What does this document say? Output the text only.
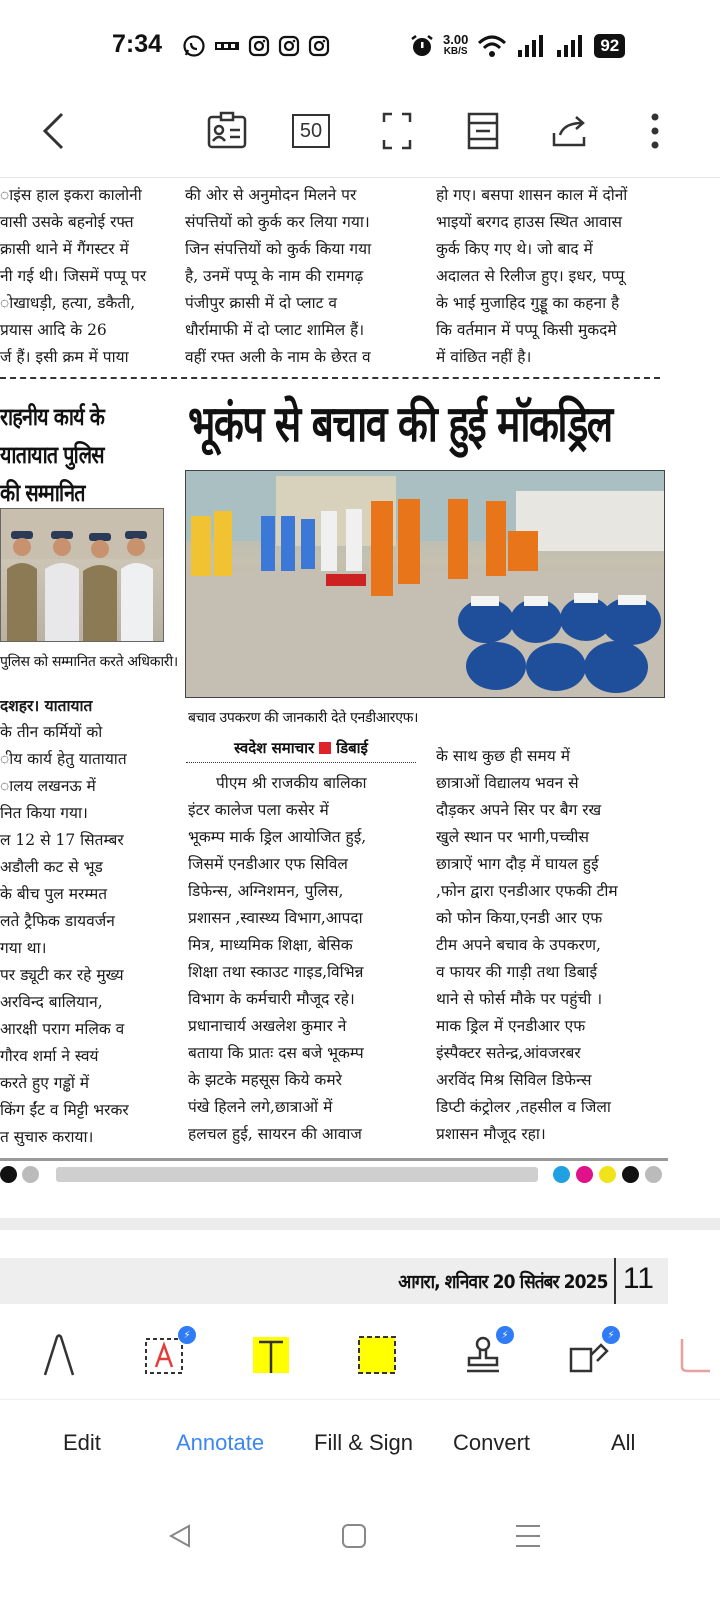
7:34	3.00
KB/S	92
50
ाइंस हाल इकरा कालोनी
वासी उसके बहनोई रफ्त
क्रासी थाने में गैंगस्टर में
नी गई थी। जिसमें पप्पू पर
ोखाधड़ी, हत्या, डकैती,
प्रयास आदि के 26
र्ज हैं। इसी क्रम में पाया
की ओर से अनुमोदन मिलने पर
संपत्तियों को कुर्क कर लिया गया।
जिन संपत्तियों को कुर्क किया गया
है, उनमें पप्पू के नाम की रामगढ़
पंजीपुर क्रासी में दो प्लाट व
धौर्रामाफी में दो प्लाट शामिल हैं।
वहीं रफ्त अली के नाम के छेरत व
हो गए। बसपा शासन काल में दोनों
भाइयों बरगद हाउस स्थित आवास
कुर्क किए गए थे। जो बाद में
अदालत से रिलीज हुए। इधर, पप्पू
के भाई मुजाहिद गुड्डू का कहना है
कि वर्तमान में पप्पू किसी मुकदमे
में वांछित नहीं है।
राहनीय कार्य के
यातायात पुलिस
की सम्मानित
पुलिस को सम्मानित करते अधिकारी।
दशहर। यातायात
के तीन कर्मियों को
ीय कार्य हेतु यातायात
ालय लखनऊ में
नित किया गया।
ल 12 से 17 सितम्बर
अडौली कट से भूड
के बीच पुल मरम्मत
लते ट्रैफिक डायवर्जन
गया था।
पर ड्यूटी कर रहे मुख्य
अरविन्द बालियान,
आरक्षी पराग मलिक व
गौरव शर्मा ने स्वयं
करते हुए गड्ढों में
किंग ईंट व मिट्टी भरकर
त सुचारु कराया।
भूकंप से बचाव की हुई मॉकड्रिल
बचाव उपकरण की जानकारी देते एनडीआरएफ।
स्वदेश समाचार डिबाई
पीएम श्री राजकीय बालिका
इंटर कालेज पला कसेर में
भूकम्प मार्क ड्रिल आयोजित हुई,
जिसमें एनडीआर एफ सिविल
डिफेन्स, अग्निशमन, पुलिस,
प्रशासन ,स्वास्थ्य विभाग,आपदा
मित्र, माध्यमिक शिक्षा, बेसिक
शिक्षा तथा स्काउट गाइड,विभिन्न
विभाग के कर्मचारी मौजूद रहे।
प्रधानाचार्य अखलेश कुमार ने
बताया कि प्रातः दस बजे भूकम्प
के झटके महसूस किये कमरे
पंखे हिलने लगे,छात्राओं में
हलचल हुई, सायरन की आवाज
के साथ कुछ ही समय में
छात्राओं विद्यालय भवन से
दौड़कर अपने सिर पर बैग रख
खुले स्थान पर भागी,पच्चीस
छात्राऐं भाग दौड़ में घायल हुई
,फोन द्वारा एनडीआर एफकी टीम
को फोन किया,एनडी आर एफ
टीम अपने बचाव के उपकरण,
व फायर की गाड़ी तथा डिबाई
थाने से फोर्स मौके पर पहुंची ।
माक ड्रिल में एनडीआर एफ
इंस्पैक्टर सतेन्द्र,आंवजरबर
अरविंद मिश्र सिविल डिफेन्स
डिप्टी कंट्रोलर ,तहसील व जिला
प्रशासन मौजूद रहा।
आगरा, शनिवार 20 सितंबर 2025 11
⚡	⚡	⚡
Edit	Annotate Fill & Sign Convert	All
